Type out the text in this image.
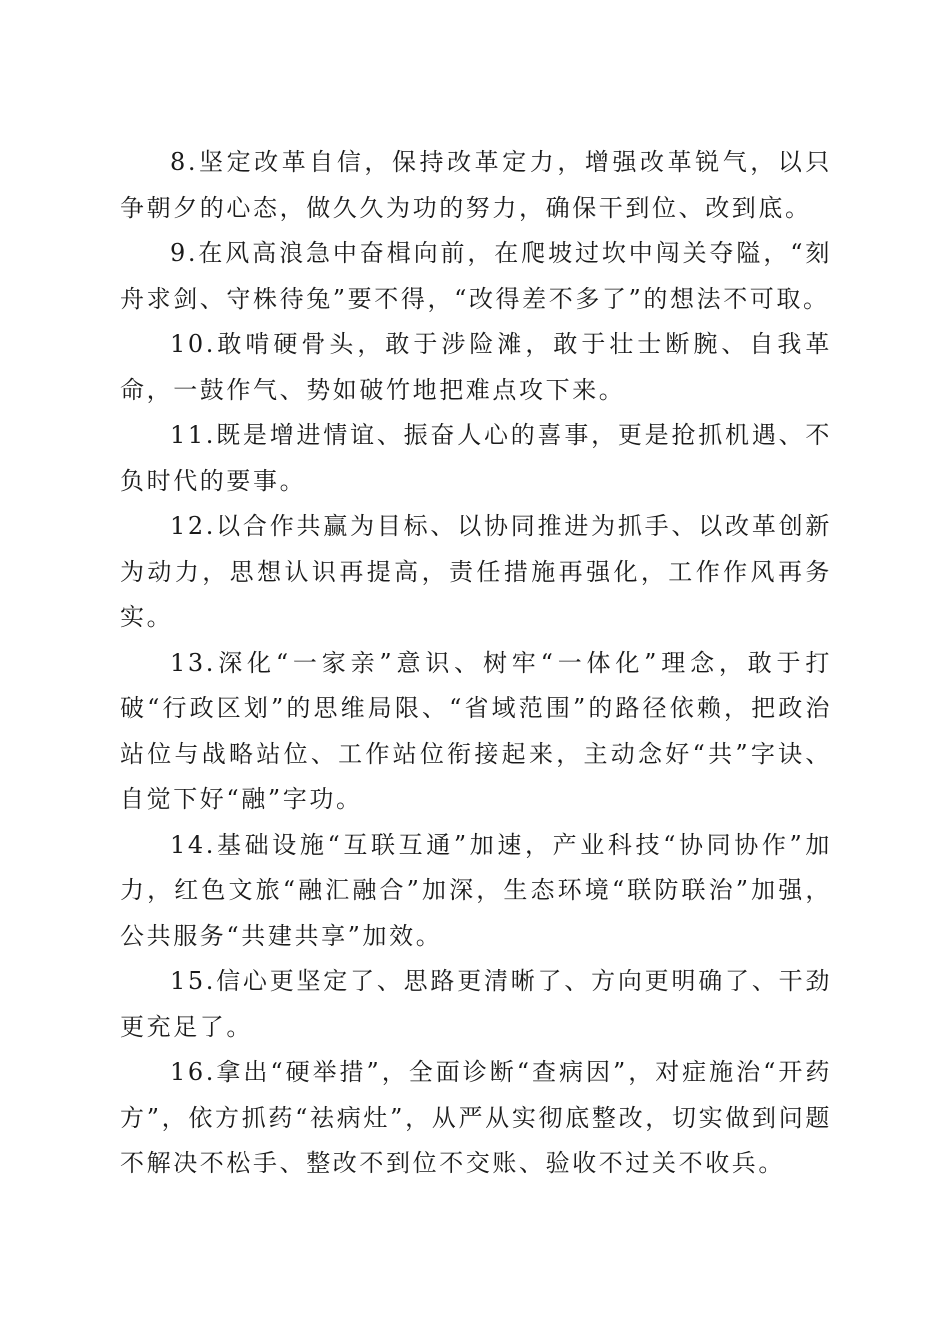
8.坚定改革自信，保持改革定力，增强改革锐气，以只争朝夕的心态，做久久为功的努力，确保干到位、改到底。

9.在风高浪急中奋楫向前，在爬坡过坎中闯关夺隘，“刻舟求剑、守株待兔”要不得，“改得差不多了”的想法不可取。

10.敢啃硬骨头，敢于涉险滩，敢于壮士断腕、自我革命，一鼓作气、势如破竹地把难点攻下来。

11.既是增进情谊、振奋人心的喜事，更是抢抓机遇、不负时代的要事。

12.以合作共赢为目标、以协同推进为抓手、以改革创新为动力，思想认识再提高，责任措施再强化，工作作风再务实。

13.深化“一家亲”意识、树牢“一体化”理念，敢于打破“行政区划”的思维局限、“省域范围”的路径依赖，把政治站位与战略站位、工作站位衔接起来，主动念好“共”字诀、自觉下好“融”字功。

14.基础设施“互联互通”加速，产业科技“协同协作”加力，红色文旅“融汇融合”加深，生态环境“联防联治”加强，公共服务“共建共享”加效。

15.信心更坚定了、思路更清晰了、方向更明确了、干劲更充足了。

16.拿出“硬举措”，全面诊断“查病因”，对症施治“开药方”，依方抓药“祛病灶”，从严从实彻底整改，切实做到问题不解决不松手、整改不到位不交账、验收不过关不收兵。
